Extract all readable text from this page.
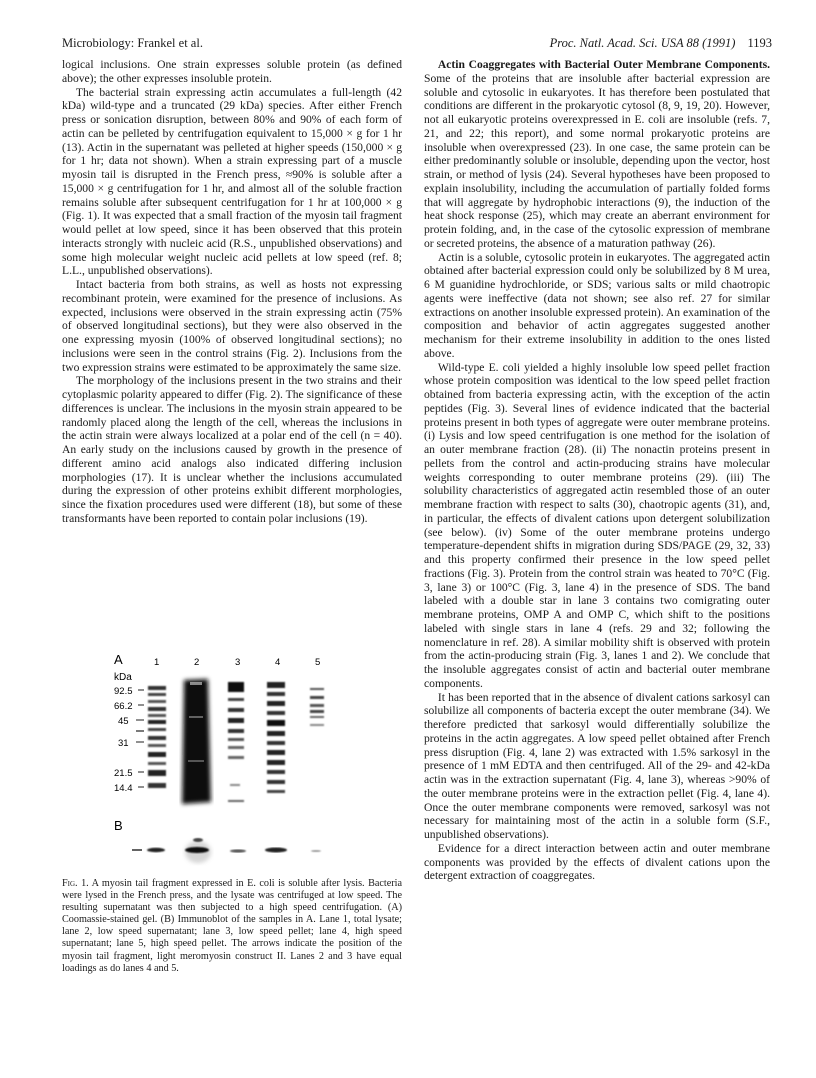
Microbiology: Frankel et al.	Proc. Natl. Acad. Sci. USA 88 (1991) 1193

logical inclusions. One strain expresses soluble protein (as defined above); the other expresses insoluble protein.

The bacterial strain expressing actin accumulates a full-length (42 kDa) wild-type and a truncated (29 kDa) species. After either French press or sonication disruption, between 80% and 90% of each form of actin can be pelleted by centrifugation equivalent to 15,000 × g for 1 hr (13). Actin in the supernatant was pelleted at higher speeds (150,000 × g for 1 hr; data not shown). When a strain expressing part of a muscle myosin tail is disrupted in the French press, ≈90% is soluble after a 15,000 × g centrifugation for 1 hr, and almost all of the soluble fraction remains soluble after subsequent centrifugation for 1 hr at 100,000 × g (Fig. 1). It was expected that a small fraction of the myosin tail fragment would pellet at low speed, since it has been observed that this protein interacts strongly with nucleic acid (R.S., unpublished observations) and some high molecular weight nucleic acid pellets at low speed (ref. 8; L.L., unpublished observations).

Intact bacteria from both strains, as well as hosts not expressing recombinant protein, were examined for the presence of inclusions. As expected, inclusions were observed in the strain expressing actin (75% of observed longitudinal sections), but they were also observed in the one expressing myosin (100% of observed longitudinal sections); no inclusions were seen in the control strains (Fig. 2). Inclusions from the two expression strains were estimated to be approximately the same size.

The morphology of the inclusions present in the two strains and their cytoplasmic polarity appeared to differ (Fig. 2). The significance of these differences is unclear. The inclusions in the myosin strain appeared to be randomly placed along the length of the cell, whereas the inclusions in the actin strain were always localized at a polar end of the cell (n = 40). An early study on the inclusions caused by growth in the presence of different amino acid analogs also indicated differing inclusion morphologies (17). It is unclear whether the inclusions accumulated during the expression of other proteins exhibit different morphologies, since the fixation procedures used were different (18), but some of these transformants have been reported to contain polar inclusions (19).

A
kDa
1	2	3	4	5
92.5
66.2
45
31
21.5
14.4
B
Fig. 1. A myosin tail fragment expressed in E. coli is soluble after lysis. Bacteria were lysed in the French press, and the lysate was centrifuged at low speed. The resulting supernatant was then subjected to a high speed centrifugation. (A) Coomassie-stained gel. (B) Immunoblot of the samples in A. Lane 1, total lysate; lane 2, low speed supernatant; lane 3, low speed pellet; lane 4, high speed supernatant; lane 5, high speed pellet. The arrows indicate the position of the myosin tail fragment, light meromyosin construct II. Lanes 2 and 3 have equal loadings as do lanes 4 and 5.

Actin Coaggregates with Bacterial Outer Membrane Components. Some of the proteins that are insoluble after bacterial expression are soluble and cytosolic in eukaryotes. It has therefore been postulated that conditions are different in the prokaryotic cytosol (8, 9, 19, 20). However, not all eukaryotic proteins overexpressed in E. coli are insoluble (refs. 7, 21, and 22; this report), and some normal prokaryotic proteins are insoluble when overexpressed (23). In one case, the same protein can be either predominantly soluble or insoluble, depending upon the vector, host strain, or method of lysis (24). Several hypotheses have been proposed to explain insolubility, including the accumulation of partially folded forms that will aggregate by hydrophobic interactions (9), the induction of the heat shock response (25), which may create an aberrant environment for protein folding, and, in the case of the cytosolic expression of membrane or secreted proteins, the absence of a maturation pathway (26).

Actin is a soluble, cytosolic protein in eukaryotes. The aggregated actin obtained after bacterial expression could only be solubilized by 8 M urea, 6 M guanidine hydrochloride, or SDS; various salts or mild chaotropic agents were ineffective (data not shown; see also ref. 27 for similar extractions on another insoluble expressed protein). An examination of the composition and behavior of actin aggregates suggested another mechanism for their extreme insolubility in addition to the ones listed above.

Wild-type E. coli yielded a highly insoluble low speed pellet fraction whose protein composition was identical to the low speed pellet fraction obtained from bacteria expressing actin, with the exception of the actin peptides (Fig. 3). Several lines of evidence indicated that the bacterial proteins present in both types of aggregate were outer membrane proteins. (i) Lysis and low speed centrifugation is one method for the isolation of an outer membrane fraction (28). (ii) The nonactin proteins present in pellets from the control and actin-producing strains have molecular weights corresponding to outer membrane proteins (29). (iii) The solubility characteristics of aggregated actin resembled those of an outer membrane fraction with respect to salts (30), chaotropic agents (31), and, in particular, the effects of divalent cations upon detergent solubilization (see below). (iv) Some of the outer membrane proteins undergo temperature-dependent shifts in migration during SDS/PAGE (29, 32, 33) and this property confirmed their presence in the low speed pellet fractions (Fig. 3). Protein from the control strain was heated to 70°C (Fig. 3, lane 3) or 100°C (Fig. 3, lane 4) in the presence of SDS. The band labeled with a double star in lane 3 contains two comigrating outer membrane proteins, OMP A and OMP C, which shift to the positions labeled with single stars in lane 4 (refs. 29 and 32; following the nomenclature in ref. 28). A similar mobility shift is observed with protein from the actin-producing strain (Fig. 3, lanes 1 and 2). We conclude that the insoluble aggregates consist of actin and bacterial outer membrane components.

It has been reported that in the absence of divalent cations sarkosyl can solubilize all components of bacteria except the outer membrane (34). We therefore predicted that sarkosyl would differentially solubilize the proteins in the actin aggregates. A low speed pellet obtained after French press disruption (Fig. 4, lane 2) was extracted with 1.5% sarkosyl in the presence of 1 mM EDTA and then centrifuged. All of the 29- and 42-kDa actin was in the extraction supernatant (Fig. 4, lane 3), whereas >90% of the outer membrane proteins were in the extraction pellet (Fig. 4, lane 4). Once the outer membrane components were removed, sarkosyl was not necessary for maintaining most of the actin in a soluble form (S.F., unpublished observations).

Evidence for a direct interaction between actin and outer membrane components was provided by the effects of divalent cations upon the detergent extraction of coaggregates.
